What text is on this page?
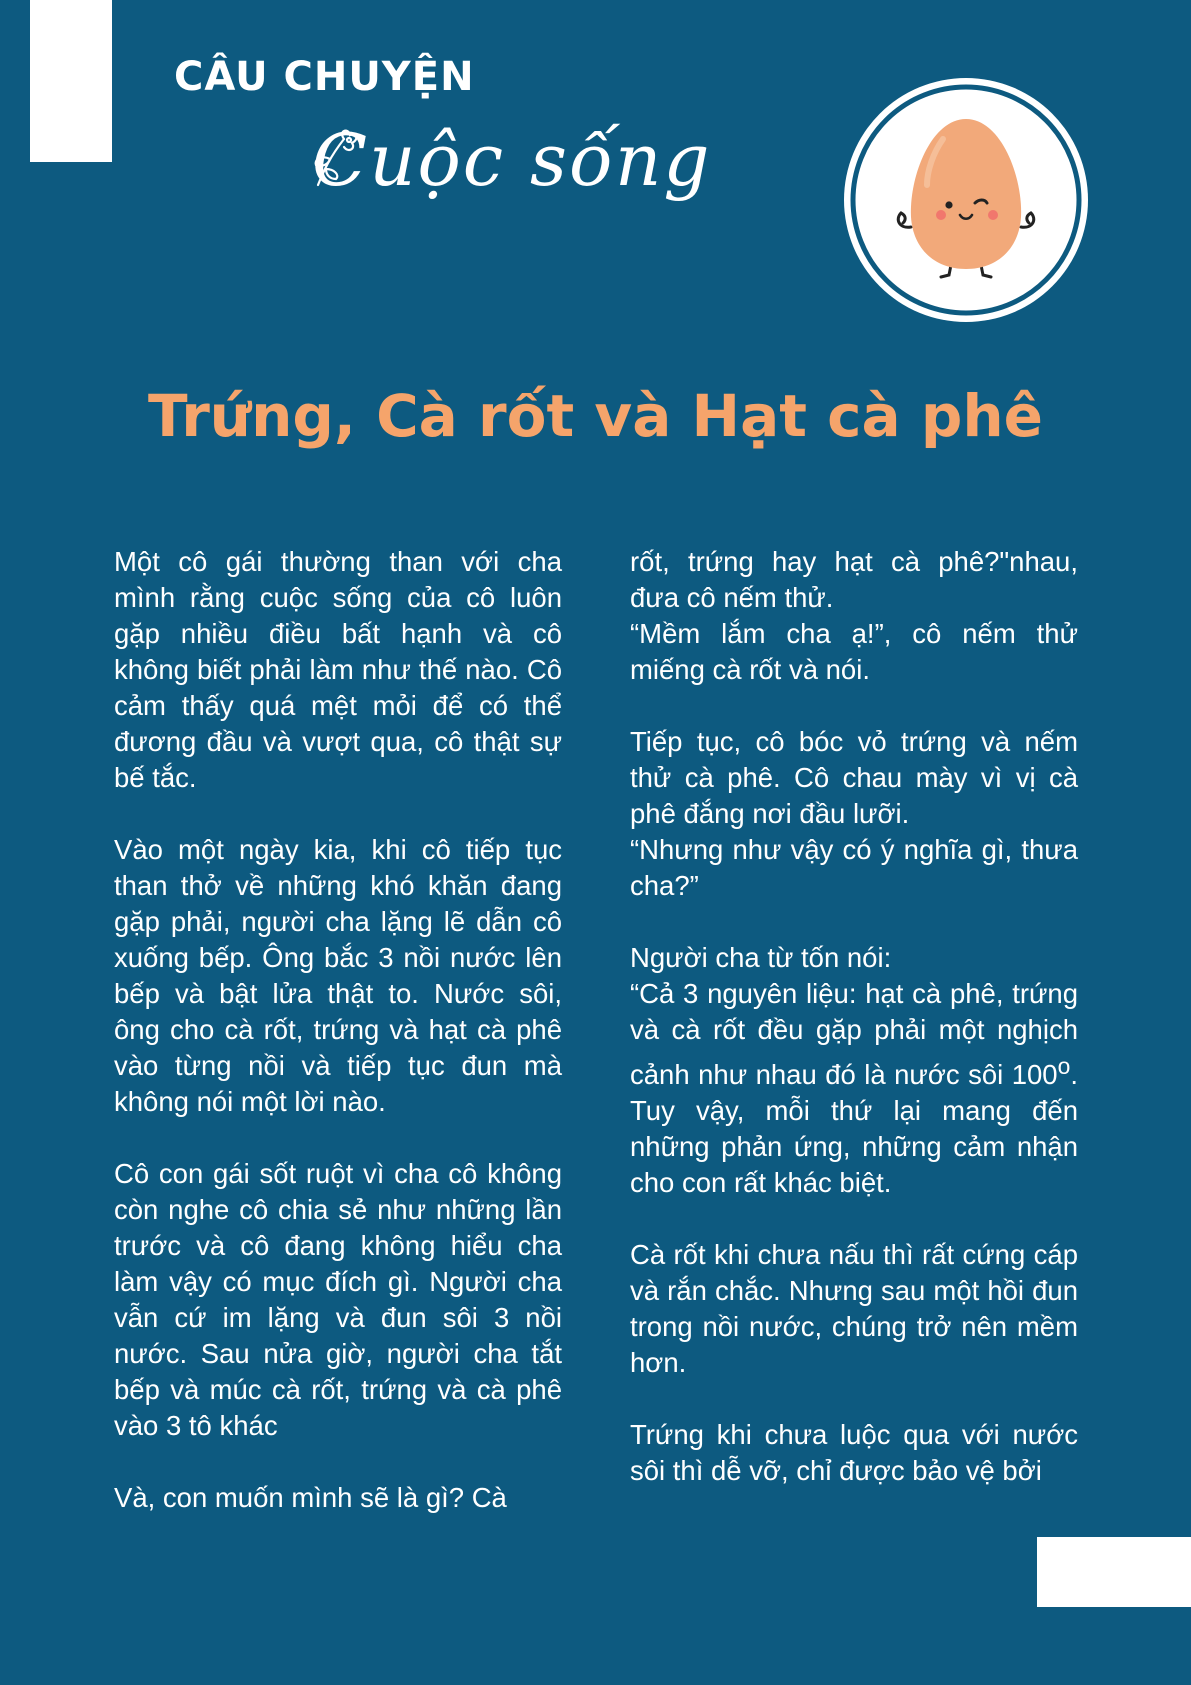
CÂU CHUYỆN
Cuộc sống
Trứng, Cà rốt và Hạt cà phê

Một cô gái thường than với cha mình rằng cuộc sống của cô luôn gặp nhiều điều bất hạnh và cô không biết phải làm như thế nào. Cô cảm thấy quá mệt mỏi để có thể đương đầu và vượt qua, cô thật sự bế tắc.

Vào một ngày kia, khi cô tiếp tục than thở về những khó khăn đang gặp phải, người cha lặng lẽ dẫn cô xuống bếp. Ông bắc 3 nồi nước lên bếp và bật lửa thật to. Nước sôi, ông cho cà rốt, trứng và hạt cà phê vào từng nồi và tiếp tục đun mà không nói một lời nào.

Cô con gái sốt ruột vì cha cô không còn nghe cô chia sẻ như những lần trước và cô đang không hiểu cha làm vậy có mục đích gì. Người cha vẫn cứ im lặng và đun sôi 3 nồi nước. Sau nửa giờ, người cha tắt bếp và múc cà rốt, trứng và cà phê vào 3 tô khác

Và, con muốn mình sẽ là gì? Cà

rốt, trứng hay hạt cà phê?"nhau, đưa cô nếm thử.
“Mềm lắm cha ạ!”, cô nếm thử miếng cà rốt và nói.

Tiếp tục, cô bóc vỏ trứng và nếm thử cà phê. Cô chau mày vì vị cà phê đắng nơi đầu lưỡi.
“Nhưng như vậy có ý nghĩa gì, thưa cha?”

Người cha từ tốn nói:
“Cả 3 nguyên liệu: hạt cà phê, trứng và cà rốt đều gặp phải một nghịch cảnh như nhau đó là nước sôi 100$^o$. Tuy vậy, mỗi thứ lại mang đến những phản ứng, những cảm nhận cho con rất khác biệt.

Cà rốt khi chưa nấu thì rất cứng cáp và rắn chắc. Nhưng sau một hồi đun trong nồi nước, chúng trở nên mềm hơn.

Trứng khi chưa luộc qua với nước sôi thì dễ vỡ, chỉ được bảo vệ bởi
